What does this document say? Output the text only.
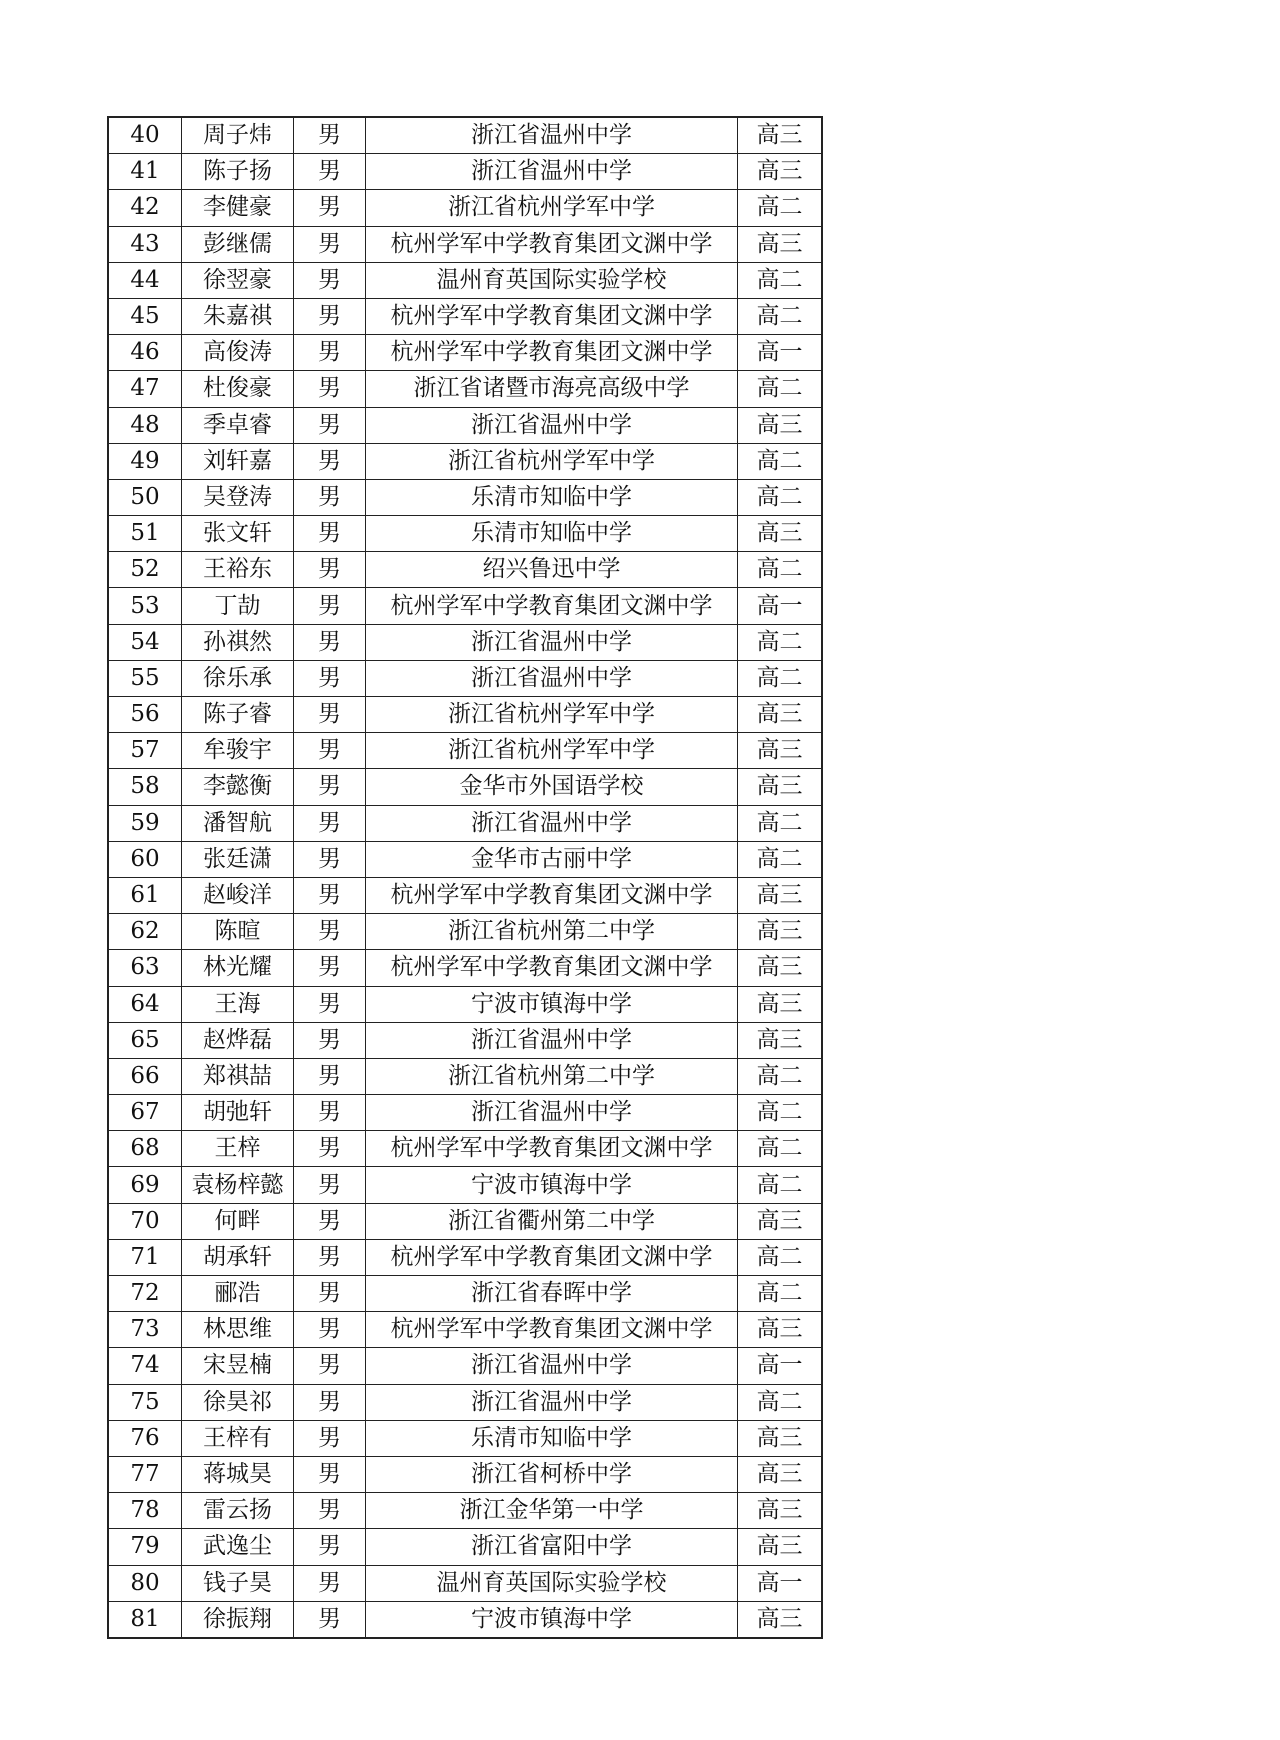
40	周子炜	男	浙江省温州中学	高三
41	陈子扬	男	浙江省温州中学	高三
42	李健豪	男	浙江省杭州学军中学	高二
43	彭继儒	男	杭州学军中学教育集团文渊中学	高三
44	徐翌豪	男	温州育英国际实验学校	高二
45	朱嘉祺	男	杭州学军中学教育集团文渊中学	高二
46	高俊涛	男	杭州学军中学教育集团文渊中学	高一
47	杜俊豪	男	浙江省诸暨市海亮高级中学	高二
48	季卓睿	男	浙江省温州中学	高三
49	刘轩嘉	男	浙江省杭州学军中学	高二
50	吴登涛	男	乐清市知临中学	高二
51	张文轩	男	乐清市知临中学	高三
52	王裕东	男	绍兴鲁迅中学	高二
53	丁劼	男	杭州学军中学教育集团文渊中学	高一
54	孙祺然	男	浙江省温州中学	高二
55	徐乐承	男	浙江省温州中学	高二
56	陈子睿	男	浙江省杭州学军中学	高三
57	牟骏宇	男	浙江省杭州学军中学	高三
58	李懿衡	男	金华市外国语学校	高三
59	潘智航	男	浙江省温州中学	高二
60	张廷潇	男	金华市古丽中学	高二
61	赵峻洋	男	杭州学军中学教育集团文渊中学	高三
62	陈暄	男	浙江省杭州第二中学	高三
63	林光耀	男	杭州学军中学教育集团文渊中学	高三
64	王海	男	宁波市镇海中学	高三
65	赵烨磊	男	浙江省温州中学	高三
66	郑祺喆	男	浙江省杭州第二中学	高二
67	胡弛轩	男	浙江省温州中学	高二
68	王梓	男	杭州学军中学教育集团文渊中学	高二
69	袁杨梓懿	男	宁波市镇海中学	高二
70	何畔	男	浙江省衢州第二中学	高三
71	胡承轩	男	杭州学军中学教育集团文渊中学	高二
72	郦浩	男	浙江省春晖中学	高二
73	林思维	男	杭州学军中学教育集团文渊中学	高三
74	宋昱楠	男	浙江省温州中学	高一
75	徐昊祁	男	浙江省温州中学	高二
76	王梓有	男	乐清市知临中学	高三
77	蒋城昊	男	浙江省柯桥中学	高三
78	雷云扬	男	浙江金华第一中学	高三
79	武逸尘	男	浙江省富阳中学	高三
80	钱子昊	男	温州育英国际实验学校	高一
81	徐振翔	男	宁波市镇海中学	高三
